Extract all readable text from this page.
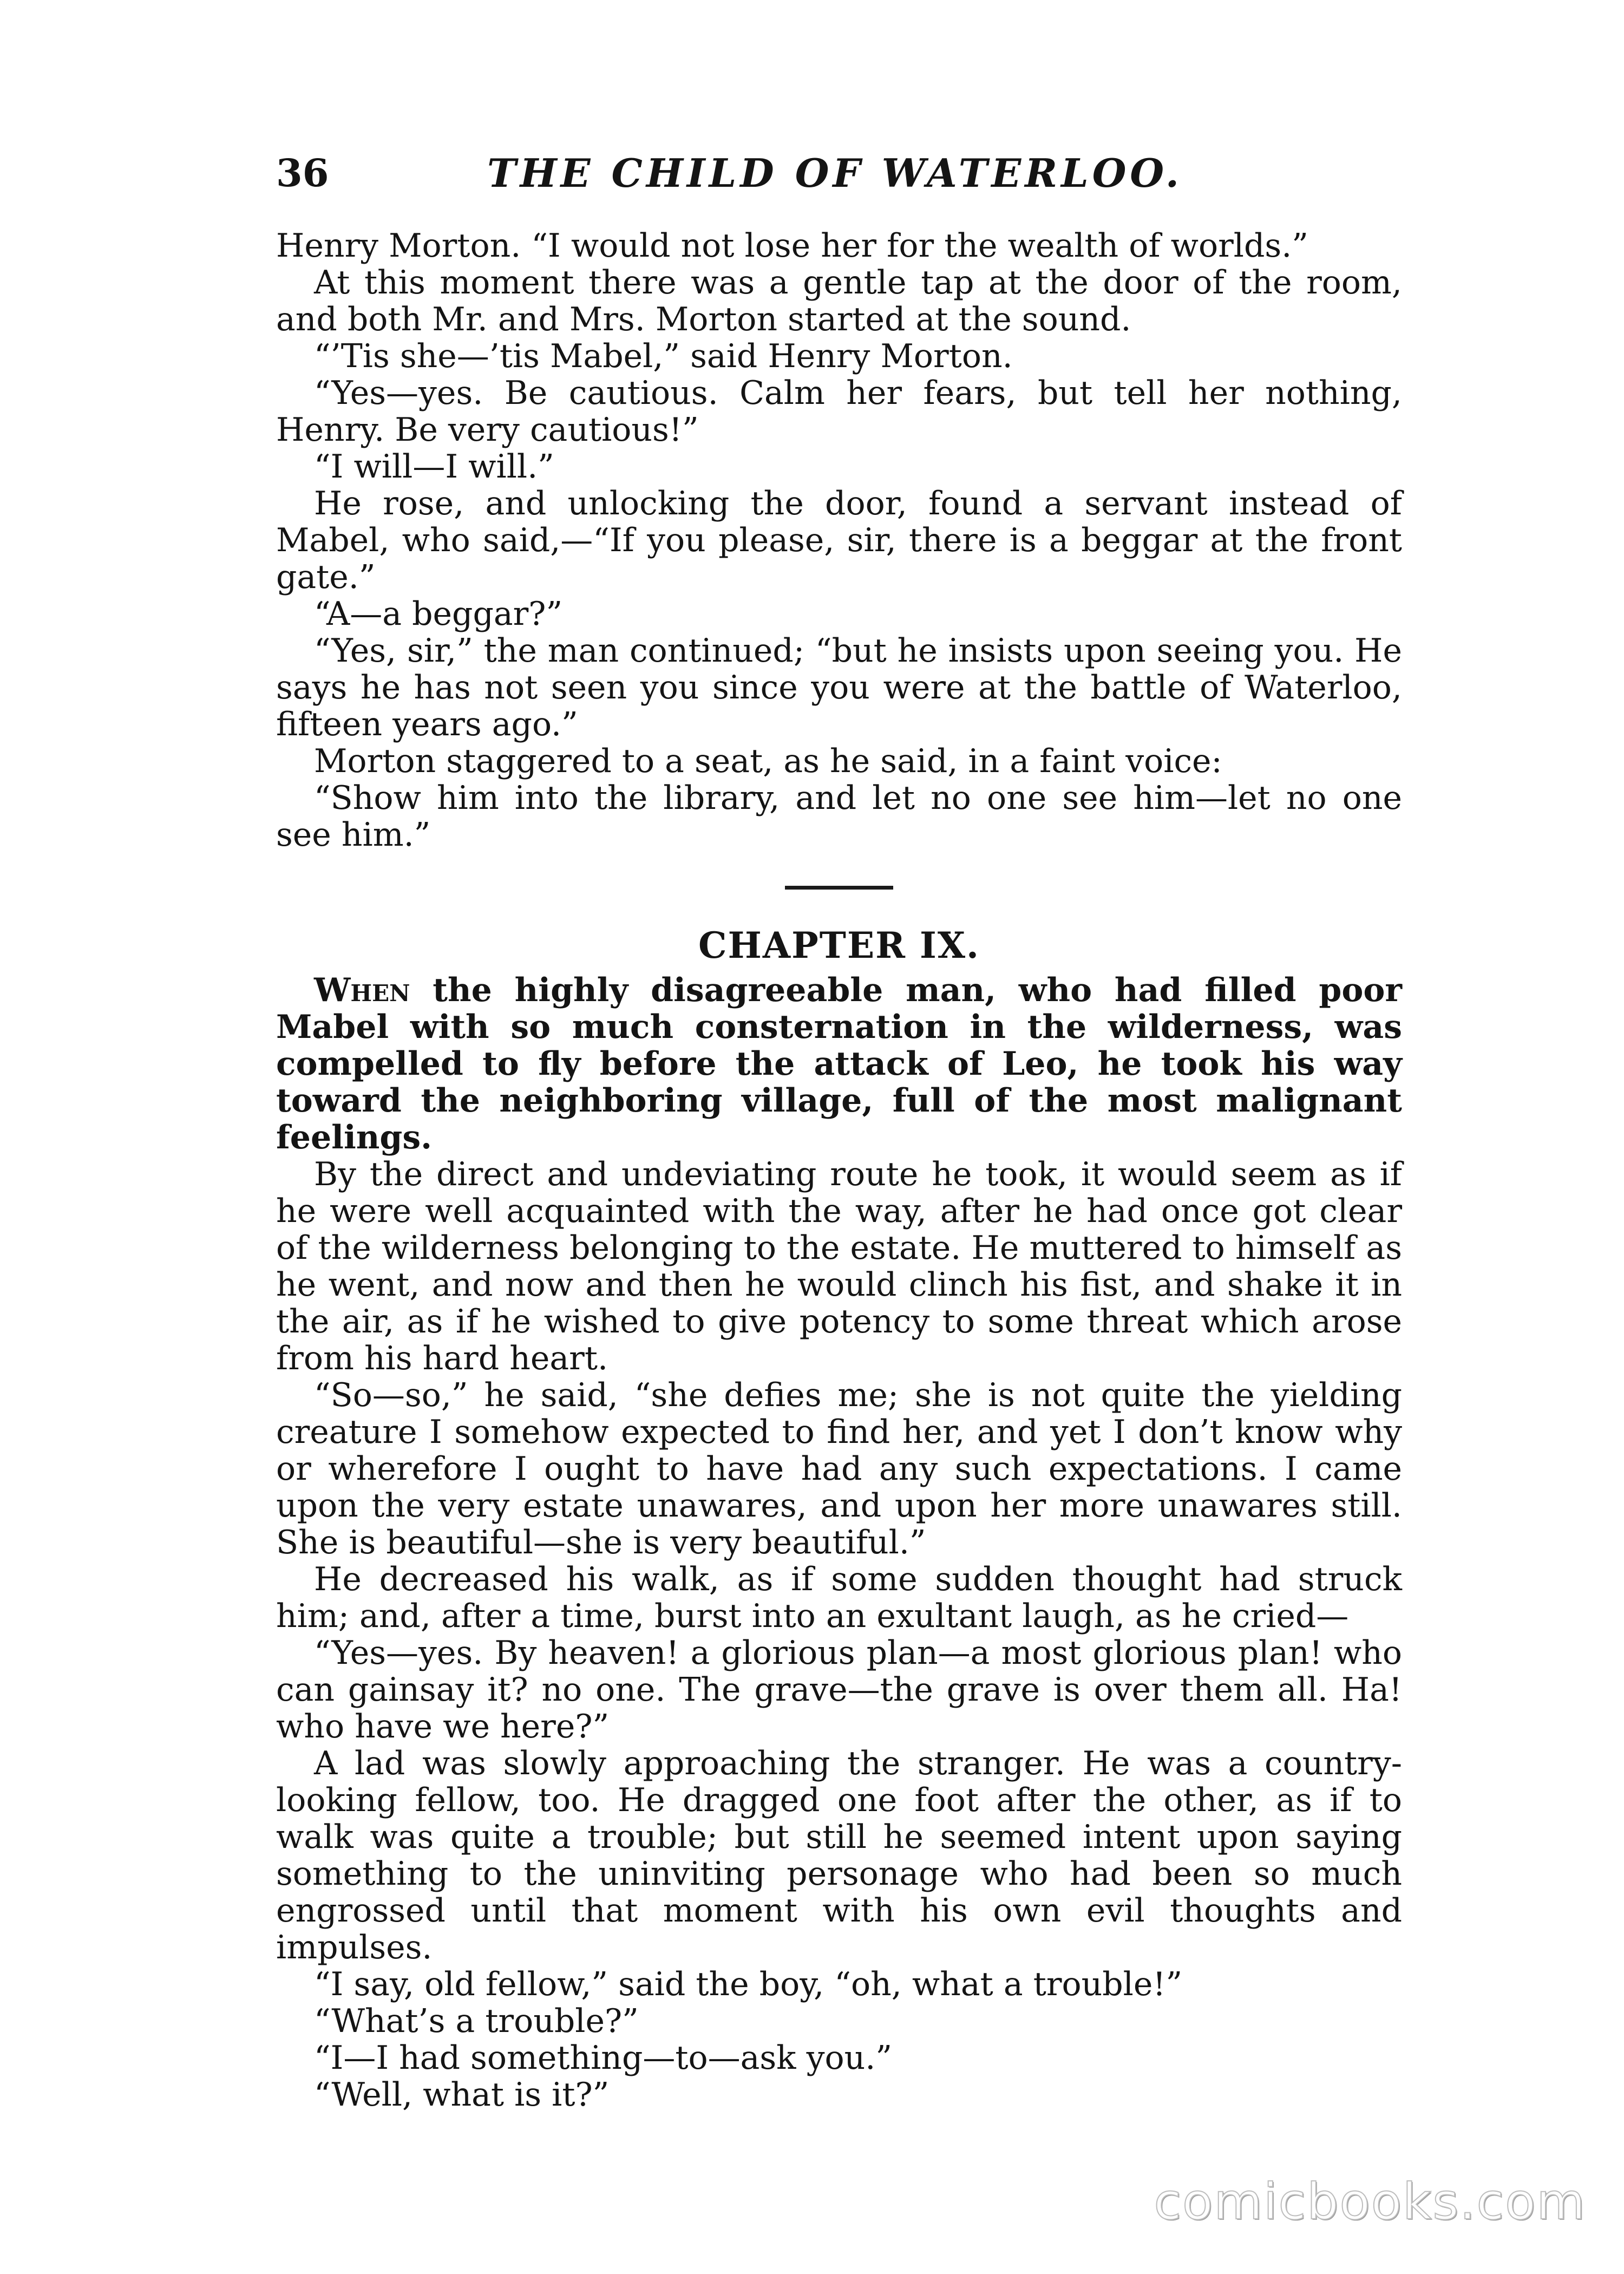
36	THE CHILD OF WATERLOO.

Henry Morton. “I would not lose her for the wealth of worlds.”

At this moment there was a gentle tap at the door of the room, and both Mr. and Mrs. Morton started at the sound.

“’Tis she—’tis Mabel,” said Henry Morton.

“Yes—yes. Be cautious. Calm her fears, but tell her nothing, Henry. Be very cautious!”

“I will—I will.”

He rose, and unlocking the door, found a servant instead of Mabel, who said,—“If you please, sir, there is a beggar at the front gate.”

“A—a beggar?”

“Yes, sir,” the man continued; “but he insists upon seeing you. He says he has not seen you since you were at the battle of Waterloo, fifteen years ago.”

Morton staggered to a seat, as he said, in a faint voice:

“Show him into the library, and let no one see him—let no one see him.”

CHAPTER IX.

When the highly disagreeable man, who had filled poor Mabel with so much consternation in the wilderness, was compelled to fly before the attack of Leo, he took his way toward the neighboring village, full of the most malignant feelings.

By the direct and undeviating route he took, it would seem as if he were well acquainted with the way, after he had once got clear of the wilderness belonging to the estate. He muttered to himself as he went, and now and then he would clinch his fist, and shake it in the air, as if he wished to give potency to some threat which arose from his hard heart.

“So—so,” he said, “she defies me; she is not quite the yielding creature I somehow expected to find her, and yet I don’t know why or wherefore I ought to have had any such expectations. I came upon the very estate unawares, and upon her more unawares still. She is beautiful—she is very beautiful.”

He decreased his walk, as if some sudden thought had struck him; and, after a time, burst into an exultant laugh, as he cried—

“Yes—yes. By heaven! a glorious plan—a most glorious plan! who can gainsay it? no one. The grave—the grave is over them all. Ha! who have we here?”

A lad was slowly approaching the stranger. He was a country-looking fellow, too. He dragged one foot after the other, as if to walk was quite a trouble; but still he seemed intent upon saying something to the uninviting personage who had been so much engrossed until that moment with his own evil thoughts and impulses.

“I say, old fellow,” said the boy, “oh, what a trouble!”

“What’s a trouble?”

“I—I had something—to—ask you.”

“Well, what is it?”

comicbooks.com
